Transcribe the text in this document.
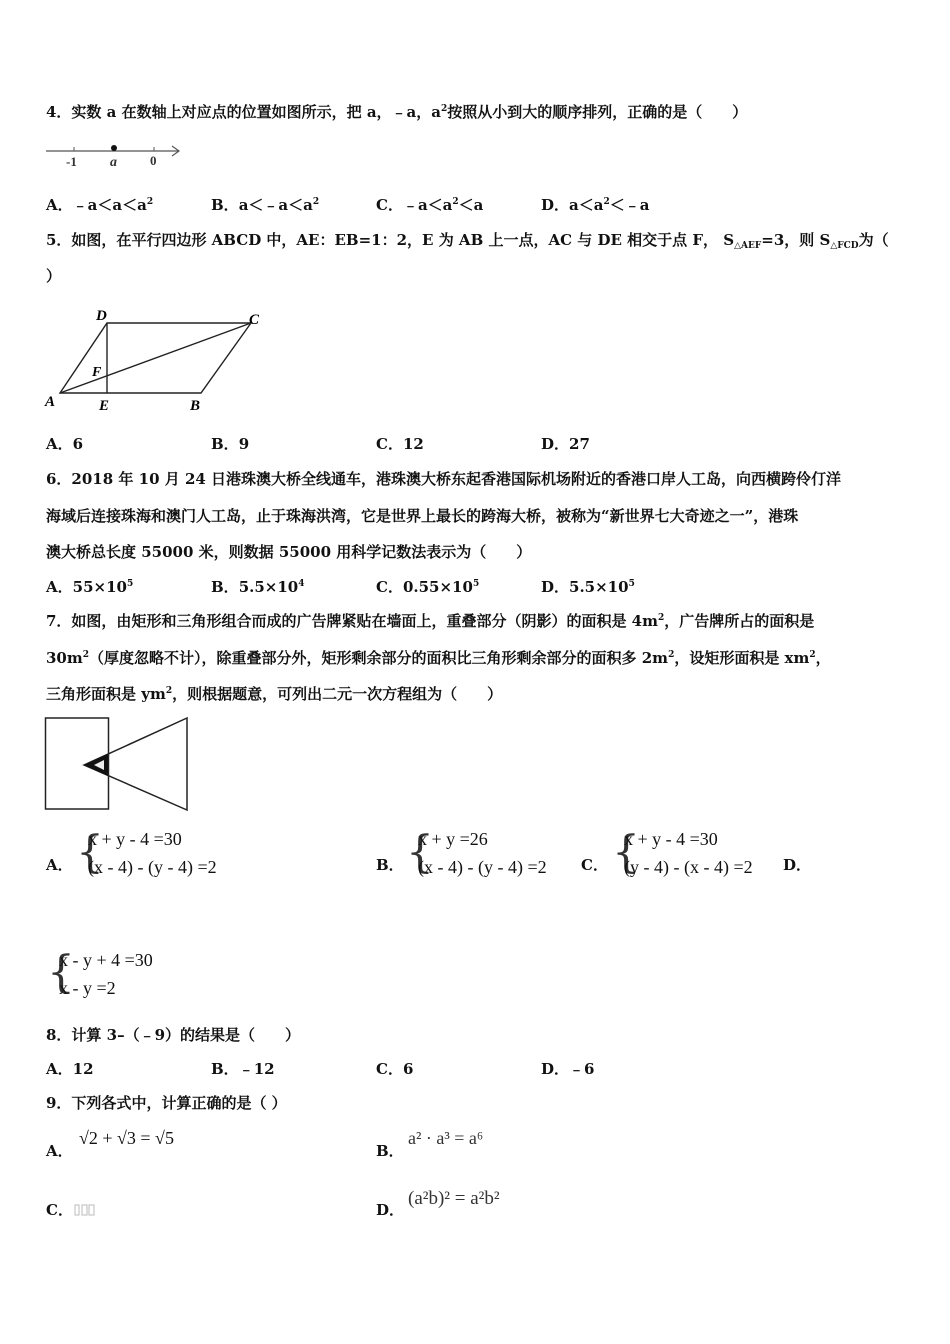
4．实数 a 在数轴上对应点的位置如图所示，把 a，﹣a，$a^2$按照从小到大的顺序排列，正确的是（　　）
-1 a	0
A．$﹣a<a<a^2$	B．$a<﹣a<a^2$	C．$﹣a<a^2<a$	D．$a<a^2<﹣a$
5．如图，在平行四边形 ABCD 中，AE：EB=1：2，E 为 AB 上一点，AC 与 DE 相交于点 F， $S_{\triangle AEF}=3$，则 $S_{\triangle FCD}$为（
）
D	C
F
A	E	B
A．6	B．9	C．12	D．27
6．2018 年 10 月 24 日港珠澳大桥全线通车，港珠澳大桥东起香港国际机场附近的香港口岸人工岛，向西横跨伶仃洋
海域后连接珠海和澳门人工岛，止于珠海洪湾，它是世界上最长的跨海大桥，被称为“新世界七大奇迹之一”，港珠
澳大桥总长度 55000 米，则数据 55000 用科学记数法表示为（　　）
A．$55\times 10^5$	B．$5.5\times 10^4$	C．$0.55\times 10^5$	D．$5.5\times 10^5$
7．如图，由矩形和三角形组合而成的广告牌紧贴在墙面上，重叠部分（阴影）的面积是 $4m^2$，广告牌所占的面积是
$30m^2$（厚度忽略不计），除重叠部分外，矩形剩余部分的面积比三角形剩余部分的面积多 $2m^2$，设矩形面积是 $xm^2$，
三角形面积是 $ym^2$，则根据题意，可列出二元一次方程组为（　　）
A． {
x + y - 4 =30
(x - 4) - (y - 4) =2	B． {
x + y =26
(x - 4) - (y - 4) =2 C． {
x + y - 4 =30
(y - 4) - (x - 4) =2 D．
{
x - y + 4 =30
x - y =2
8．计算 3–（﹣9）的结果是（　　）
A．12	B．﹣12	C．6	D．﹣6
9．下列各式中，计算正确的是（ ）
A．
√2 + √3 = √5
B．
a² · a³ = a⁶
C．	D．
(a²b)² = a²b²
